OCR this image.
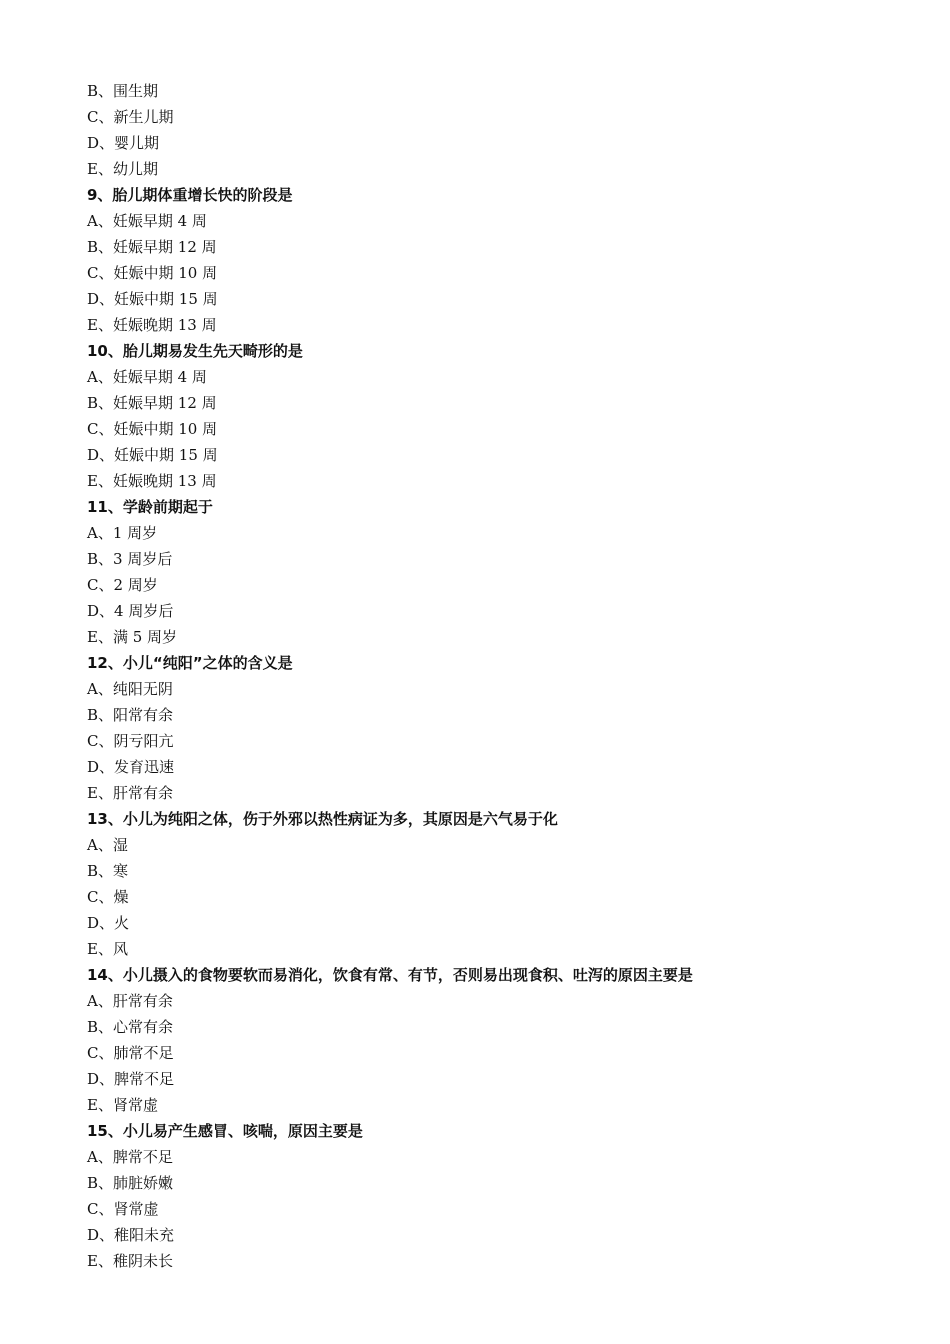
B、围生期
C、新生儿期
D、婴儿期
E、幼儿期
9、胎儿期体重增长快的阶段是
A、妊娠早期 4 周
B、妊娠早期 12 周
C、妊娠中期 10 周
D、妊娠中期 15 周
E、妊娠晚期 13 周
10、胎儿期易发生先天畸形的是
A、妊娠早期 4 周
B、妊娠早期 12 周
C、妊娠中期 10 周
D、妊娠中期 15 周
E、妊娠晚期 13 周
11、学龄前期起于
A、1 周岁
B、3 周岁后
C、2 周岁
D、4 周岁后
E、满 5 周岁
12、小儿“纯阳”之体的含义是
A、纯阳无阴
B、阳常有余
C、阴亏阳亢
D、发育迅速
E、肝常有余
13、小儿为纯阳之体，伤于外邪以热性病证为多，其原因是六气易于化
A、湿
B、寒
C、燥
D、火
E、风
14、小儿摄入的食物要软而易消化，饮食有常、有节，否则易出现食积、吐泻的原因主要是
A、肝常有余
B、心常有余
C、肺常不足
D、脾常不足
E、肾常虚
15、小儿易产生感冒、咳喘，原因主要是
A、脾常不足
B、肺脏娇嫩
C、肾常虚
D、稚阳未充
E、稚阴未长
